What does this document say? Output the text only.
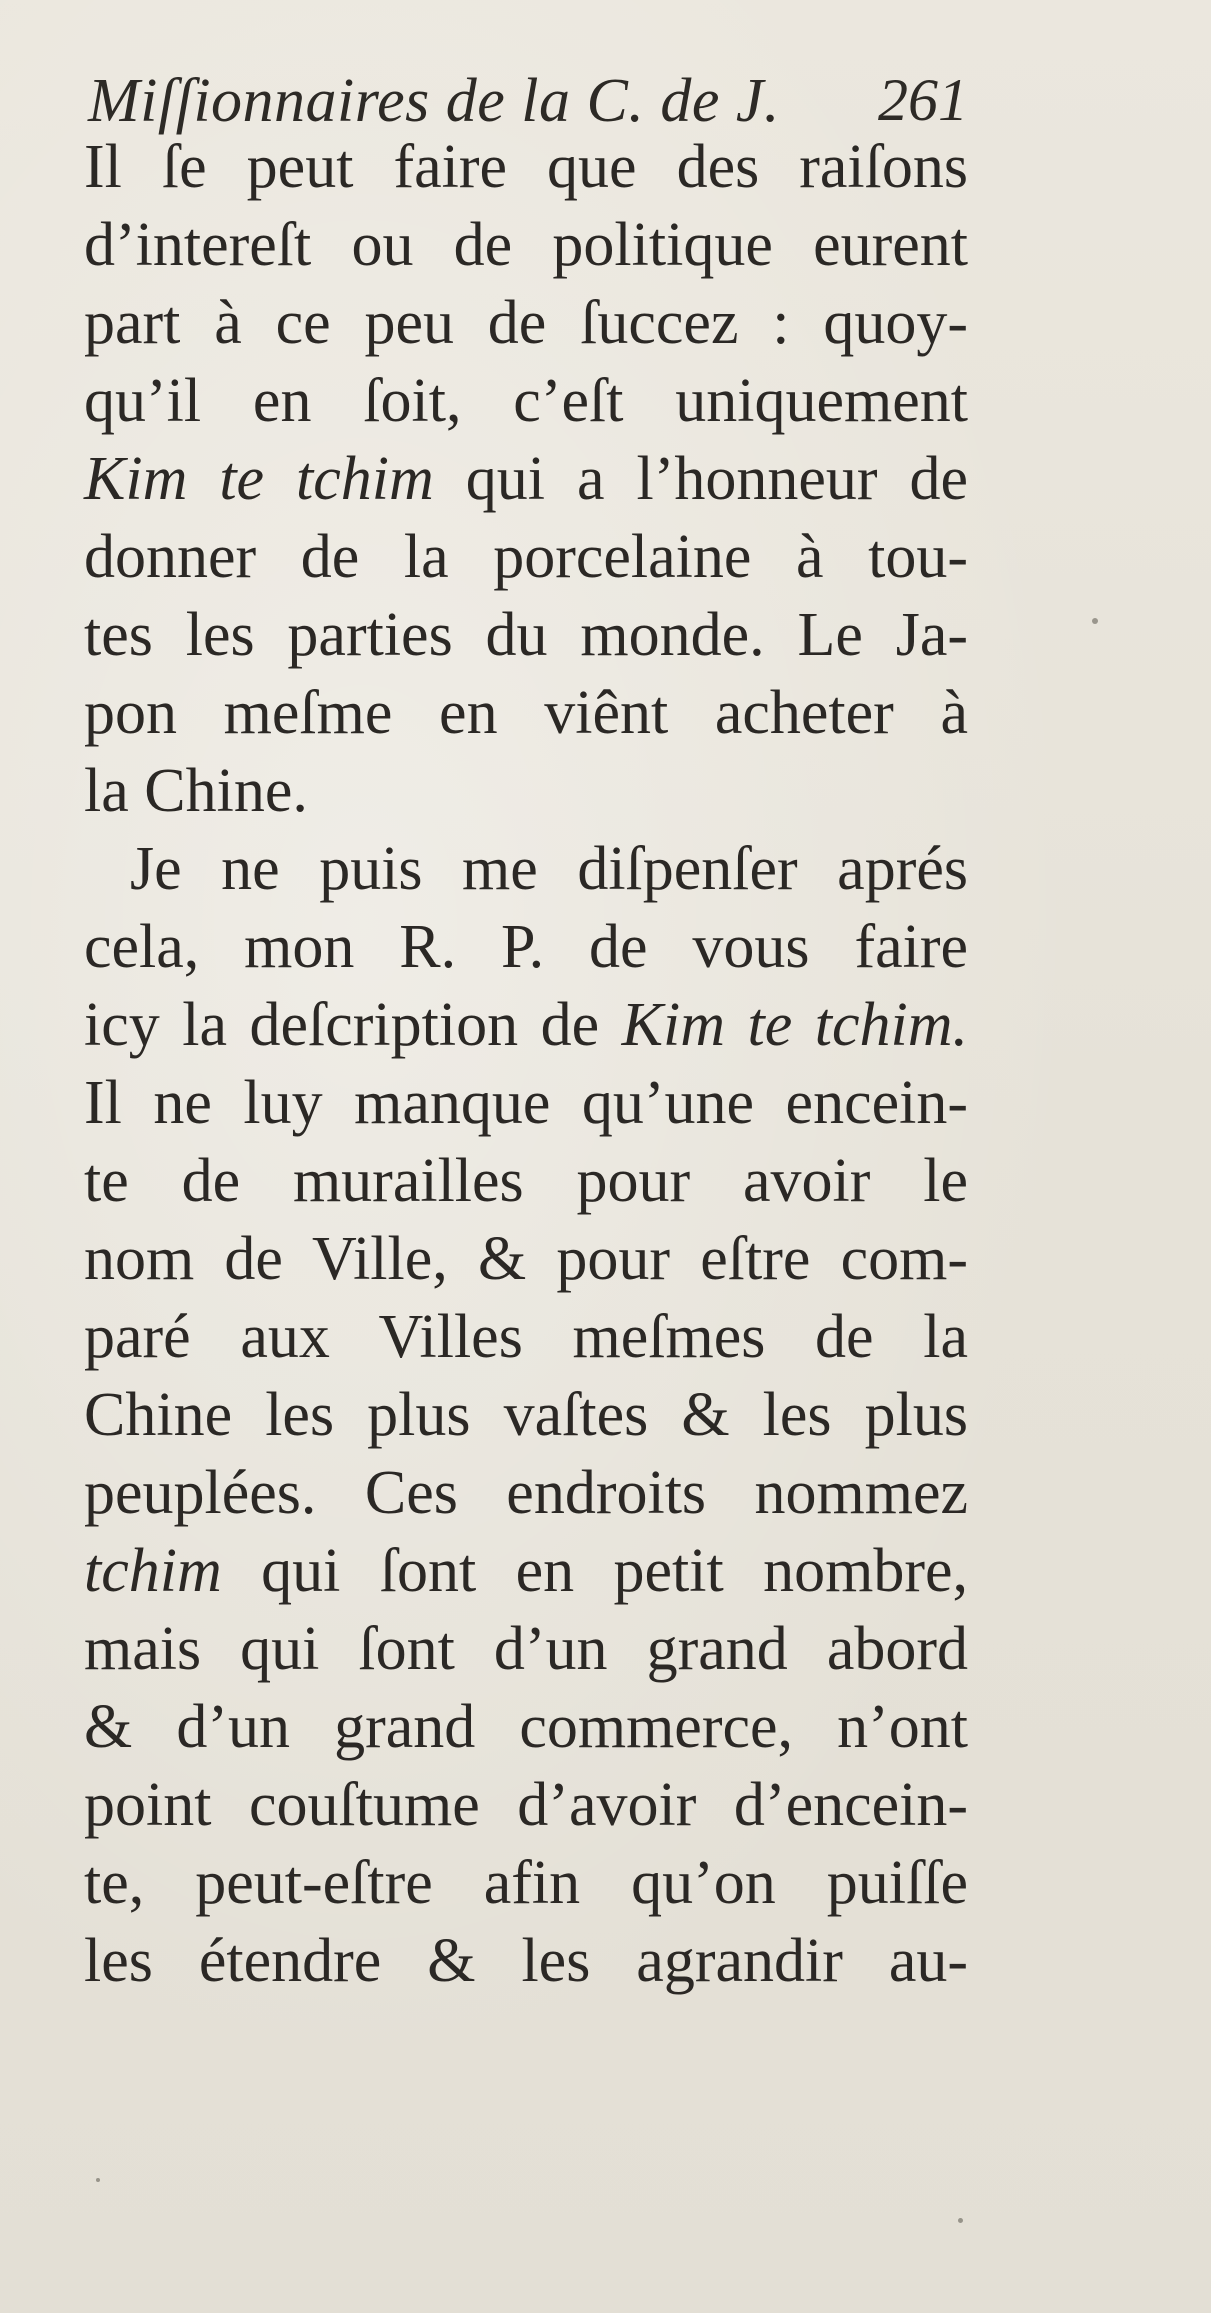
Miſſionnaires de la C. de J. 261
Il ſe peut faire que des raiſons
d’intereſt ou de politique eurent
part à ce peu de ſuccez : quoy-
qu’il en ſoit, c’eſt uniquement
Kim te tchim qui a l’honneur de
donner de la porcelaine à tou-
tes les parties du monde. Le Ja-
pon meſme en viênt acheter à
la Chine.
Je ne puis me diſpenſer aprés
cela, mon R. P. de vous faire
icy la deſcription de Kim te tchim.
Il ne luy manque qu’une encein-
te de murailles pour avoir le
nom de Ville, & pour eſtre com-
paré aux Villes meſmes de la
Chine les plus vaſtes & les plus
peuplées. Ces endroits nommez
tchim qui ſont en petit nombre,
mais qui ſont d’un grand abord
& d’un grand commerce, n’ont
point couſtume d’avoir d’encein-
te, peut-eſtre afin qu’on puiſſe
les étendre & les agrandir au-
